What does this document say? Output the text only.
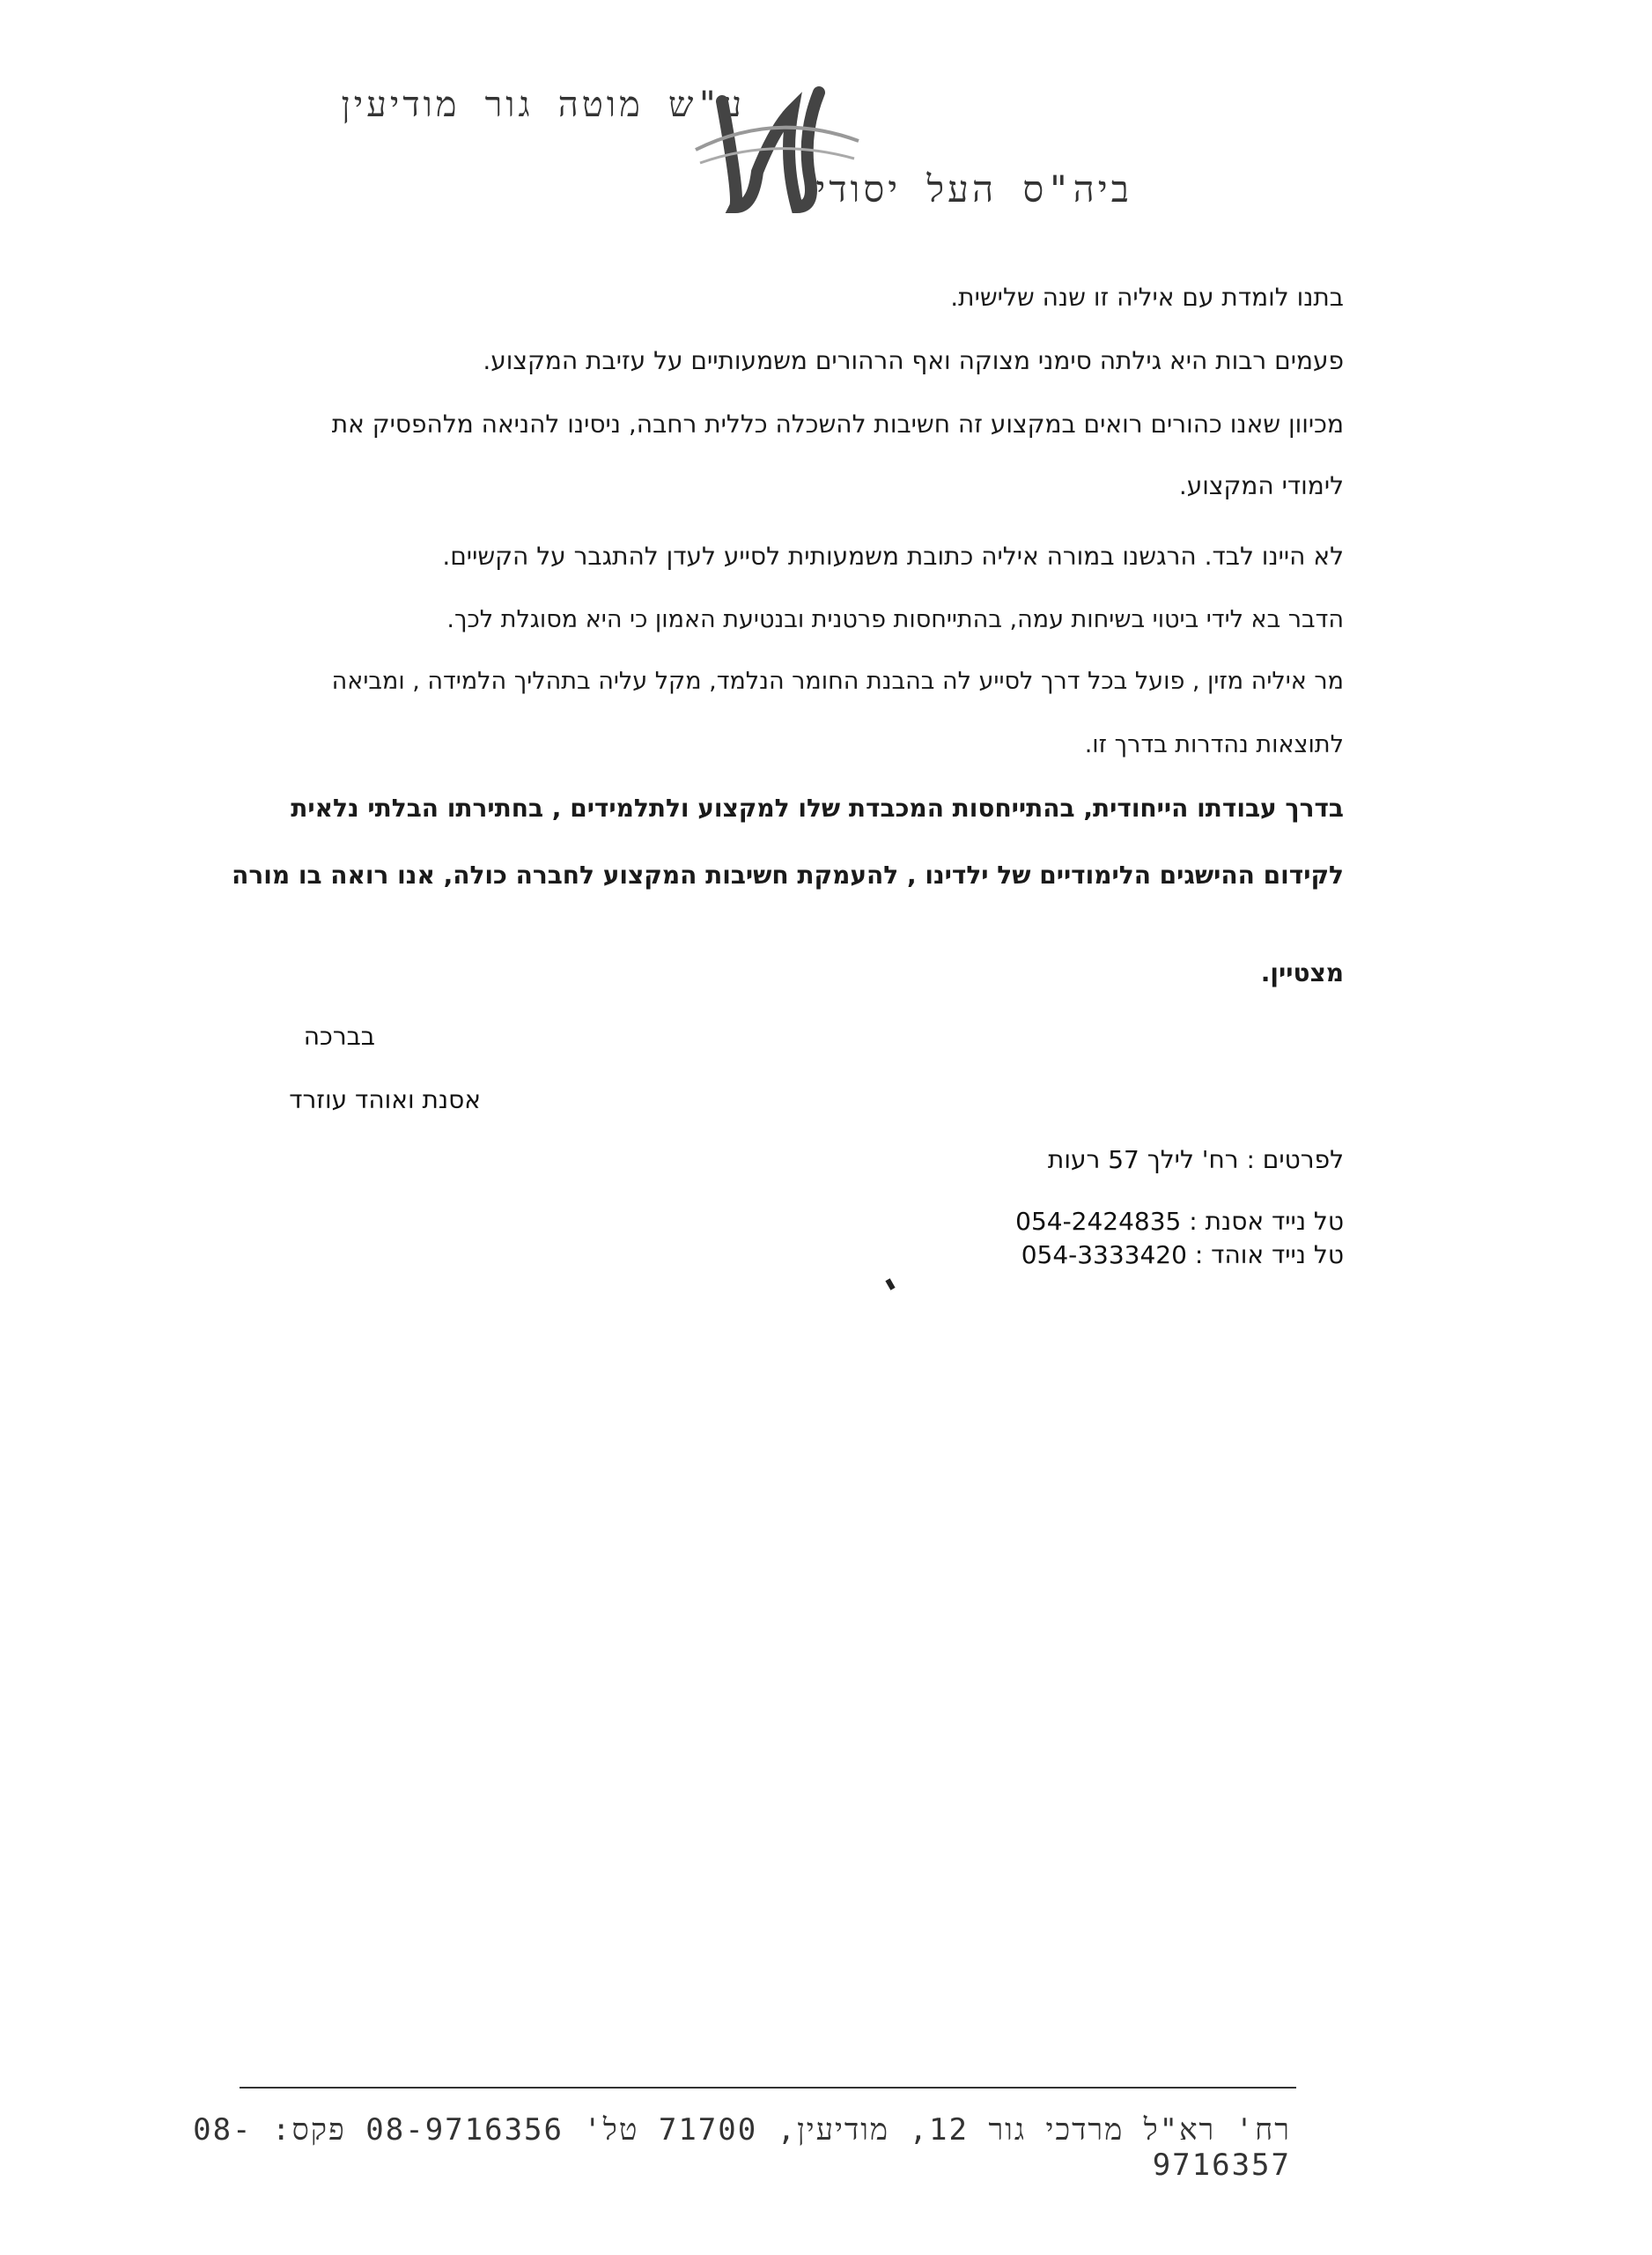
ע"ש מוטה גור מודיעין
ביה"ס העל יסודי
בתנו לומדת עם איליה זו שנה שלישית.
פעמים רבות היא גילתה סימני מצוקה ואף הרהורים משמעותיים על עזיבת המקצוע.
מכיוון שאנו כהורים רואים במקצוע זה חשיבות להשכלה כללית רחבה, ניסינו להניאה מלהפסיק את
לימודי המקצוע.
לא היינו לבד. הרגשנו במורה איליה כתובת משמעותית לסייע לעדן להתגבר על הקשיים.
הדבר בא לידי ביטוי בשיחות עמה, בהתייחסות פרטנית ובנטיעת האמון כי היא מסוגלת לכך.
מר איליה מזין , פועל בכל דרך לסייע לה בהבנת החומר הנלמד, מקל עליה בתהליך הלמידה , ומביאה
לתוצאות נהדרות בדרך זו.
בדרך עבודתו הייחודית, בהתייחסות המכבדת שלו למקצוע ולתלמידים , בחתירתו הבלתי נלאית
לקידום ההישגים הלימודיים של ילדינו , להעמקת חשיבות המקצוע לחברה כולה, אנו רואה בו מורה
מצטיין.
בברכה
אסנת ואוהד עוזרד
לפרטים : רח' לילך 57 רעות
טל נייד אסנת : 054-2424835
טל נייד אוהד : 054-3333420
רח' רא"ל מרדכי גור 12, מודיעין, 71700 טל' 08-9716356 פקס: 08-9716357
